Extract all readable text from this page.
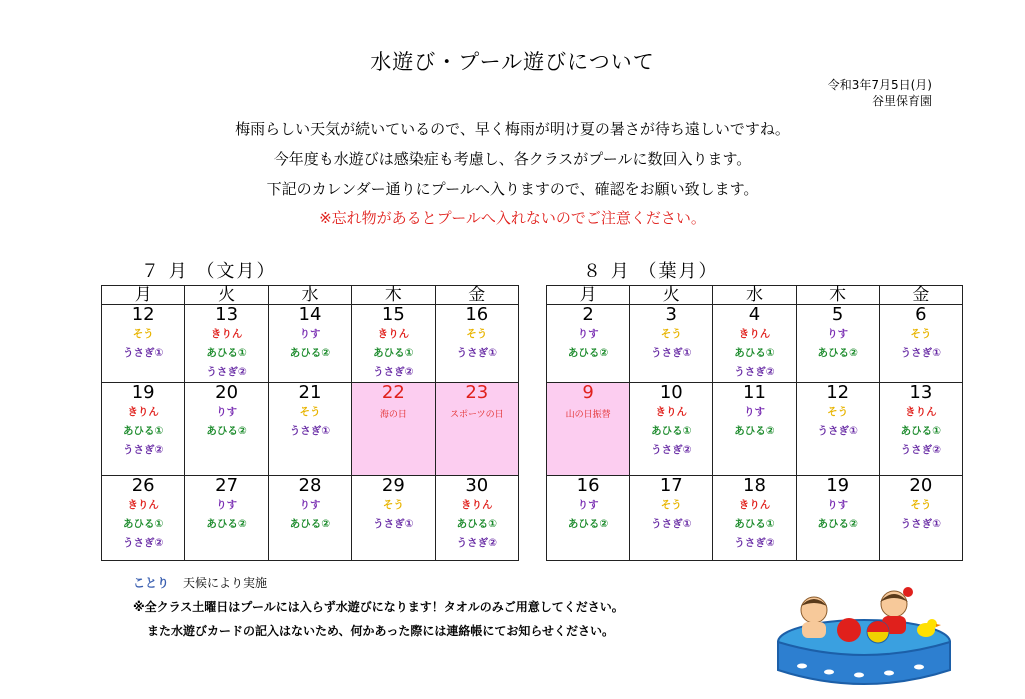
水遊び・プール遊びについて
令和3年7月5日(月)
谷里保育園
梅雨らしい天気が続いているので、早く梅雨が明け夏の暑さが待ち遠しいですね。
今年度も水遊びは感染症も考慮し、各クラスがプールに数回入ります。
下記のカレンダー通りにプールへ入りますので、確認をお願い致します。
※忘れ物があるとプールへ入れないのでご注意ください。
７ 月 （文月）	８ 月 （葉月）
月	火	水	木	金

12
そう
うさぎ①	13
きりん
あひる①
うさぎ②	14
りす
あひる②	15
きりん
あひる①
うさぎ②	16
そう
うさぎ①

19
きりん
あひる①
うさぎ②	20
りす
あひる②	21
そう
うさぎ①	22
海の日	23
スポーツの日

26
きりん
あひる①
うさぎ②	27
りす
あひる②	28
りす
あひる②	29
そう
うさぎ①	30
きりん
あひる①
うさぎ②
月	火	水	木	金

2
りす
あひる②	3
そう
うさぎ①	4
きりん
あひる①
うさぎ②	5
りす
あひる②	6
そう
うさぎ①

9
山の日振替	10
きりん
あひる①
うさぎ②	11
りす
あひる②	12
そう
うさぎ①	13
きりん
あひる①
うさぎ②

16
りす
あひる②	17
そう
うさぎ①	18
きりん
あひる①
うさぎ②	19
りす
あひる②	20
そう
うさぎ①
ことり 天候により実施
※全クラス土曜日はプールには入らず水遊びになります！タオルのみご用意してください。
また水遊びカードの記入はないため、何かあった際には連絡帳にてお知らせください。
